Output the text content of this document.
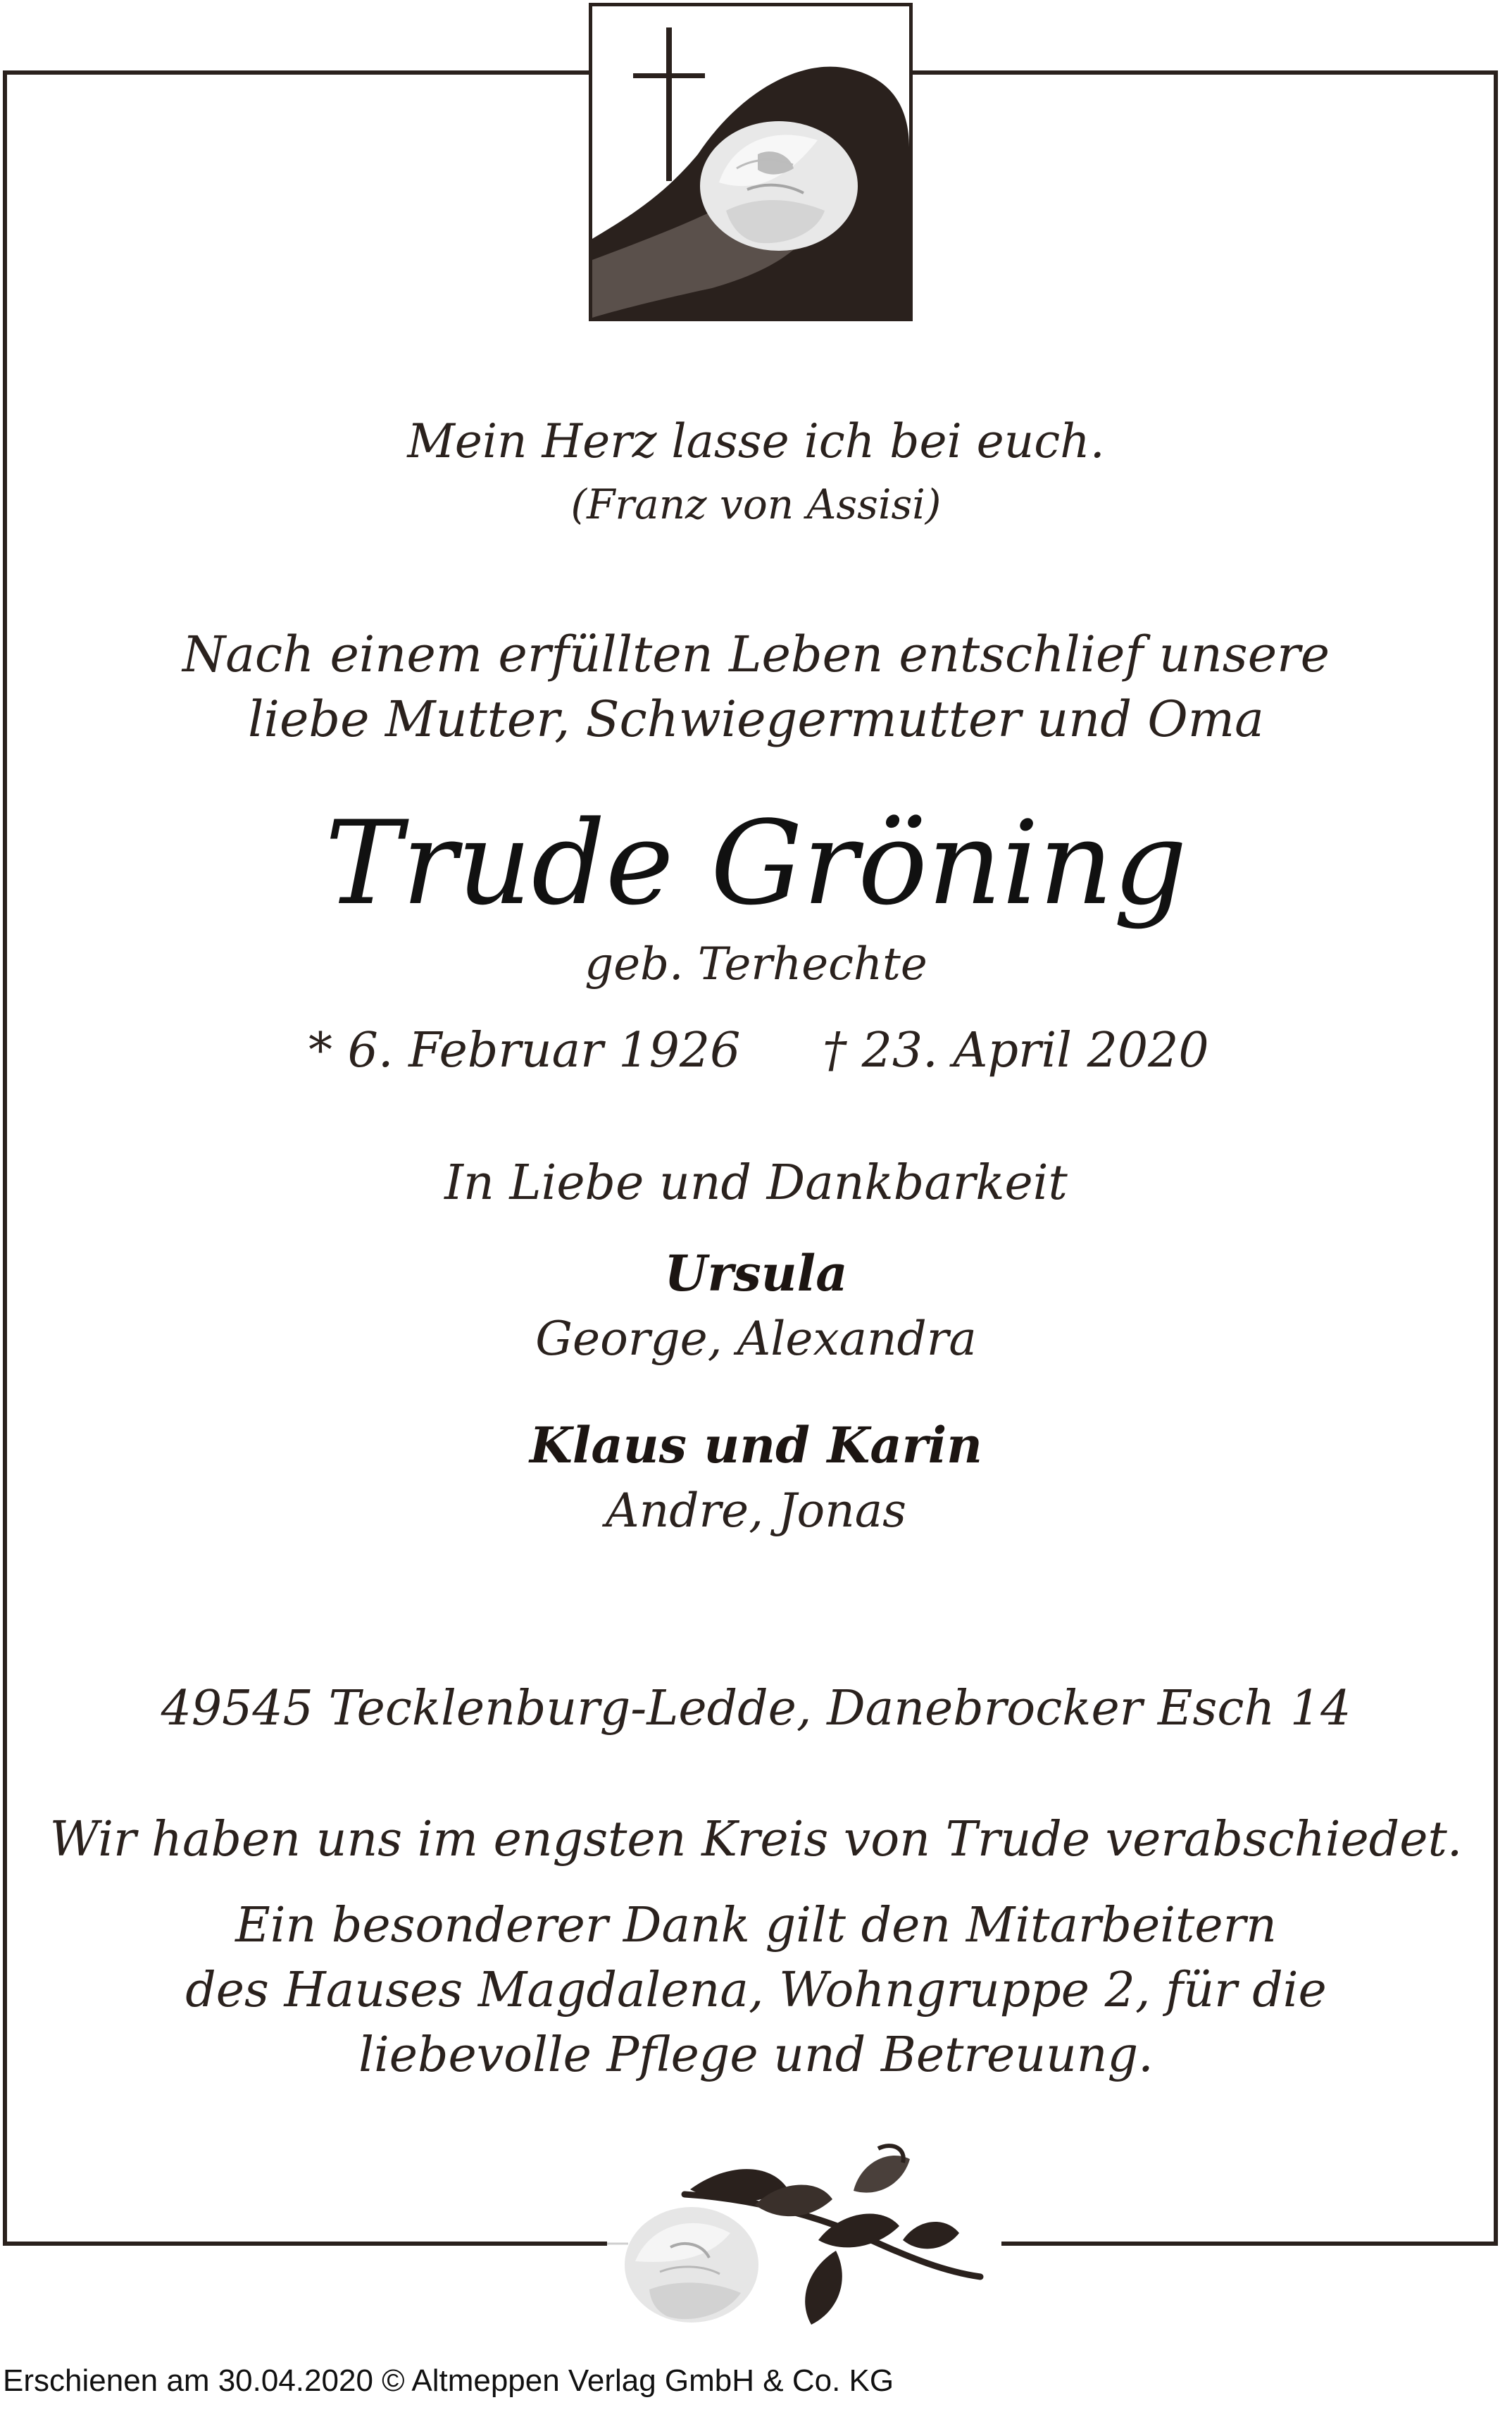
Mein Herz lasse ich bei euch.
(Franz von Assisi)
Nach einem erfüllten Leben entschlief unsere
liebe Mutter, Schwiegermutter und Oma
Trude Gröning
geb. Terhechte
* 6. Februar 1926 † 23. April 2020
In Liebe und Dankbarkeit
Ursula
George, Alexandra
Klaus und Karin
Andre, Jonas
49545 Tecklenburg-Ledde, Danebrocker Esch 14
Wir haben uns im engsten Kreis von Trude verabschiedet.
Ein besonderer Dank gilt den Mitarbeitern
des Hauses Magdalena, Wohngruppe 2, für die
liebevolle Pflege und Betreuung.
Erschienen am 30.04.2020 © Altmeppen Verlag GmbH & Co. KG
